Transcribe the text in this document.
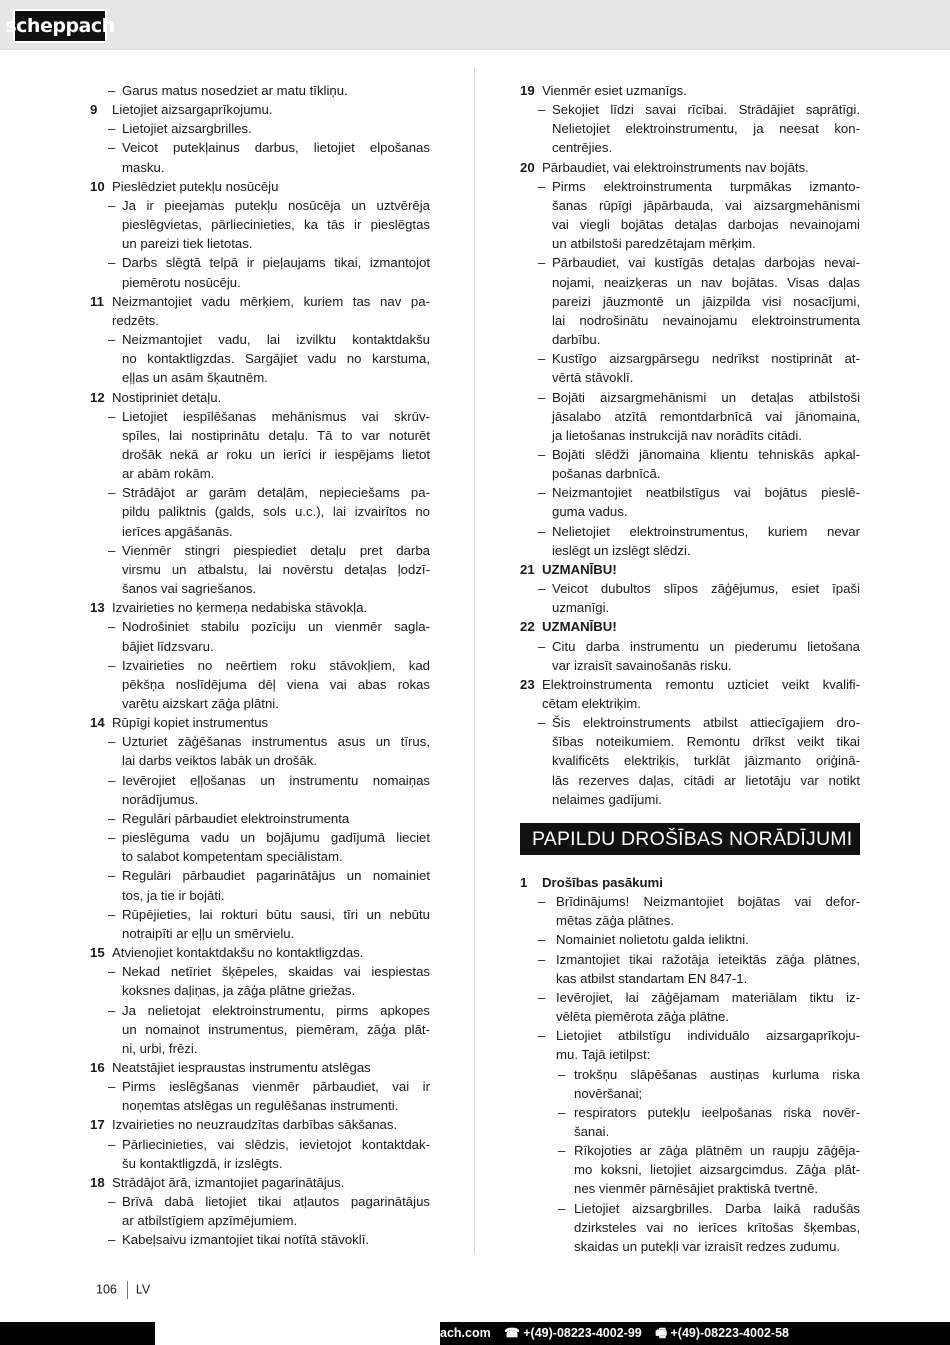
scheppach
– Garus matus nosedziet ar matu tīkliņu.
9 Lietojiet aizsargaprīkojumu.
– Lietojiet aizsargbrilles.
– Veicot putekļainus darbus, lietojiet elpošanas
masku.
10 Pieslēdziet putekļu nosūcēju
– Ja ir pieejamas putekļu nosūcēja un uztvērēja
pieslēgvietas, pārliecinieties, ka tās ir pieslēgtas
un pareizi tiek lietotas.
– Darbs slēgtā telpā ir pieļaujams tikai, izmantojot
piemērotu nosūcēju.
11 Neizmantojiet vadu mērķiem, kuriem tas nav pa-
redzēts.
– Neizmantojiet vadu, lai izvilktu kontaktdakšu
no kontaktligzdas. Sargājiet vadu no karstuma,
eļļas un asām šķautnēm.
12 Nostipriniet detaļu.
– Lietojiet iespīlēšanas mehānismus vai skrūv-
spīles, lai nostiprinātu detaļu. Tā to var noturēt
drošāk nekā ar roku un ierīci ir iespējams lietot
ar abām rokām.
– Strādājot ar garām detaļām, nepieciešams pa-
pildu paliktnis (galds, sols u.c.), lai izvairītos no
ierīces apgāšanās.
– Vienmēr stingri piespiediet detaļu pret darba
virsmu un atbalstu, lai novērstu detaļas ļodzī-
šanos vai sagriešanos.
13 Izvairieties no ķermeņa nedabiska stāvokļa.
– Nodrošiniet stabilu pozīciju un vienmēr sagla-
bājiet līdzsvaru.
– Izvairieties no neērtiem roku stāvokļiem, kad
pēkšņa noslīdējuma dēļ viena vai abas rokas
varētu aizskart zāģa plātni.
14 Rūpīgi kopiet instrumentus
– Uzturiet zāģēšanas instrumentus asus un tīrus,
lai darbs veiktos labāk un drošāk.
– Ievērojiet eļļošanas un instrumentu nomaiņas
norādījumus.
– Regulāri pārbaudiet elektroinstrumenta
– pieslēguma vadu un bojājumu gadījumā lieciet
to salabot kompetentam speciālistam.
– Regulāri pārbaudiet pagarinātājus un nomainiet
tos, ja tie ir bojāti.
– Rūpējieties, lai rokturi būtu sausi, tīri un nebūtu
notraipīti ar eļļu un smērvielu.
15 Atvienojiet kontaktdakšu no kontaktligzdas.
– Nekad netīriet šķēpeles, skaidas vai iespiestas
koksnes daļiņas, ja zāģa plātne griežas.
– Ja nelietojat elektroinstrumentu, pirms apkopes
un nomainot instrumentus, piemēram, zāģa plāt-
ni, urbi, frēzi.
16 Neatstājiet iespraustas instrumentu atslēgas
– Pirms ieslēgšanas vienmēr pārbaudiet, vai ir
noņemtas atslēgas un regulēšanas instrumenti.
17 Izvairieties no neuzraudzītas darbības sākšanas.
– Pārliecinieties, vai slēdzis, ievietojot kontaktdak-
šu kontaktligzdā, ir izslēgts.
18 Strādājot ārā, izmantojiet pagarinātājus.
– Brīvā dabā lietojiet tikai atļautos pagarinātājus
ar atbilstīgiem apzīmējumiem.
– Kabeļsaivu izmantojiet tikai notītā stāvoklī.
19 Vienmēr esiet uzmanīgs.
– Sekojiet līdzi savai rīcībai. Strādājiet saprātīgi.
Nelietojiet elektroinstrumentu, ja neesat kon-
centrējies.
20 Pārbaudiet, vai elektroinstruments nav bojāts.
– Pirms elektroinstrumenta turpmākas izmanto-
šanas rūpīgi jāpārbauda, vai aizsargmehānismi
vai viegli bojātas detaļas darbojas nevainojami
un atbilstoši paredzētajam mērķim.
– Pārbaudiet, vai kustīgās detaļas darbojas nevai-
nojami, neaizķeras un nav bojātas. Visas daļas
pareizi jāuzmontē un jāizpilda visi nosacījumi,
lai nodrošinātu nevainojamu elektroinstrumenta
darbību.
– Kustīgo aizsargpārsegu nedrīkst nostiprināt at-
vērtā stāvoklī.
– Bojāti aizsargmehānismi un detaļas atbilstoši
jāsalabo atzītā remontdarbnīcā vai jānomaina,
ja lietošanas instrukcijā nav norādīts citādi.
– Bojāti slēdži jānomaina klientu tehniskās apkal-
pošanas darbnīcā.
– Neizmantojiet neatbilstīgus vai bojātus pieslē-
guma vadus.
– Nelietojiet elektroinstrumentus, kuriem nevar
ieslēgt un izslēgt slēdzi.
21 UZMANĪBU!
– Veicot dubultos slīpos zāģējumus, esiet īpaši
uzmanīgi.
22 UZMANĪBU!
– Citu darba instrumentu un piederumu lietošana
var izraisīt savainošanās risku.
23 Elektroinstrumenta remontu uzticiet veikt kvalifi-
cētam elektriķim.
– Šis elektroinstruments atbilst attiecīgajiem dro-
šības noteikumiem. Remontu drīkst veikt tikai
kvalificēts elektriķis, turklāt jāizmanto oriģinā-
lās rezerves daļas, citādi ar lietotāju var notikt
nelaimes gadījumi.
PAPILDU DROŠĪBAS NORĀDĪJUMI
1 Drošības pasākumi
– Brīdinājums! Neizmantojiet bojātas vai defor-
mētas zāģa plātnes.
– Nomainiet nolietotu galda ieliktni.
– Izmantojiet tikai ražotāja ieteiktās zāģa plātnes,
kas atbilst standartam EN 847-1.
– Ievērojiet, lai zāģējamam materiālam tiktu iz-
vēlēta piemērota zāģa plātne.
– Lietojiet atbilstīgu individuālo aizsargaprīkoju-
mu. Tajā ietilpst:
– trokšņu slāpēšanas austiņas kurluma riska
novēršanai;
– respirators putekļu ieelpošanas riska novēr-
šanai.
– Rīkojoties ar zāģa plātnēm un raupju zāģēja-
mo koksni, lietojiet aizsargcimdus. Zāģa plāt-
nes vienmēr pārnēsājiet praktiskā tvertnē.
– Lietojiet aizsargbrilles. Darba laikā radušās
dzirksteles vai no ierīces krītošas šķembas,
skaidas un putekļi var izraisīt redzes zudumu.
106 LV
ach.com ☎ +(49)-08223-4002-99 🖷 +(49)-08223-4002-58
